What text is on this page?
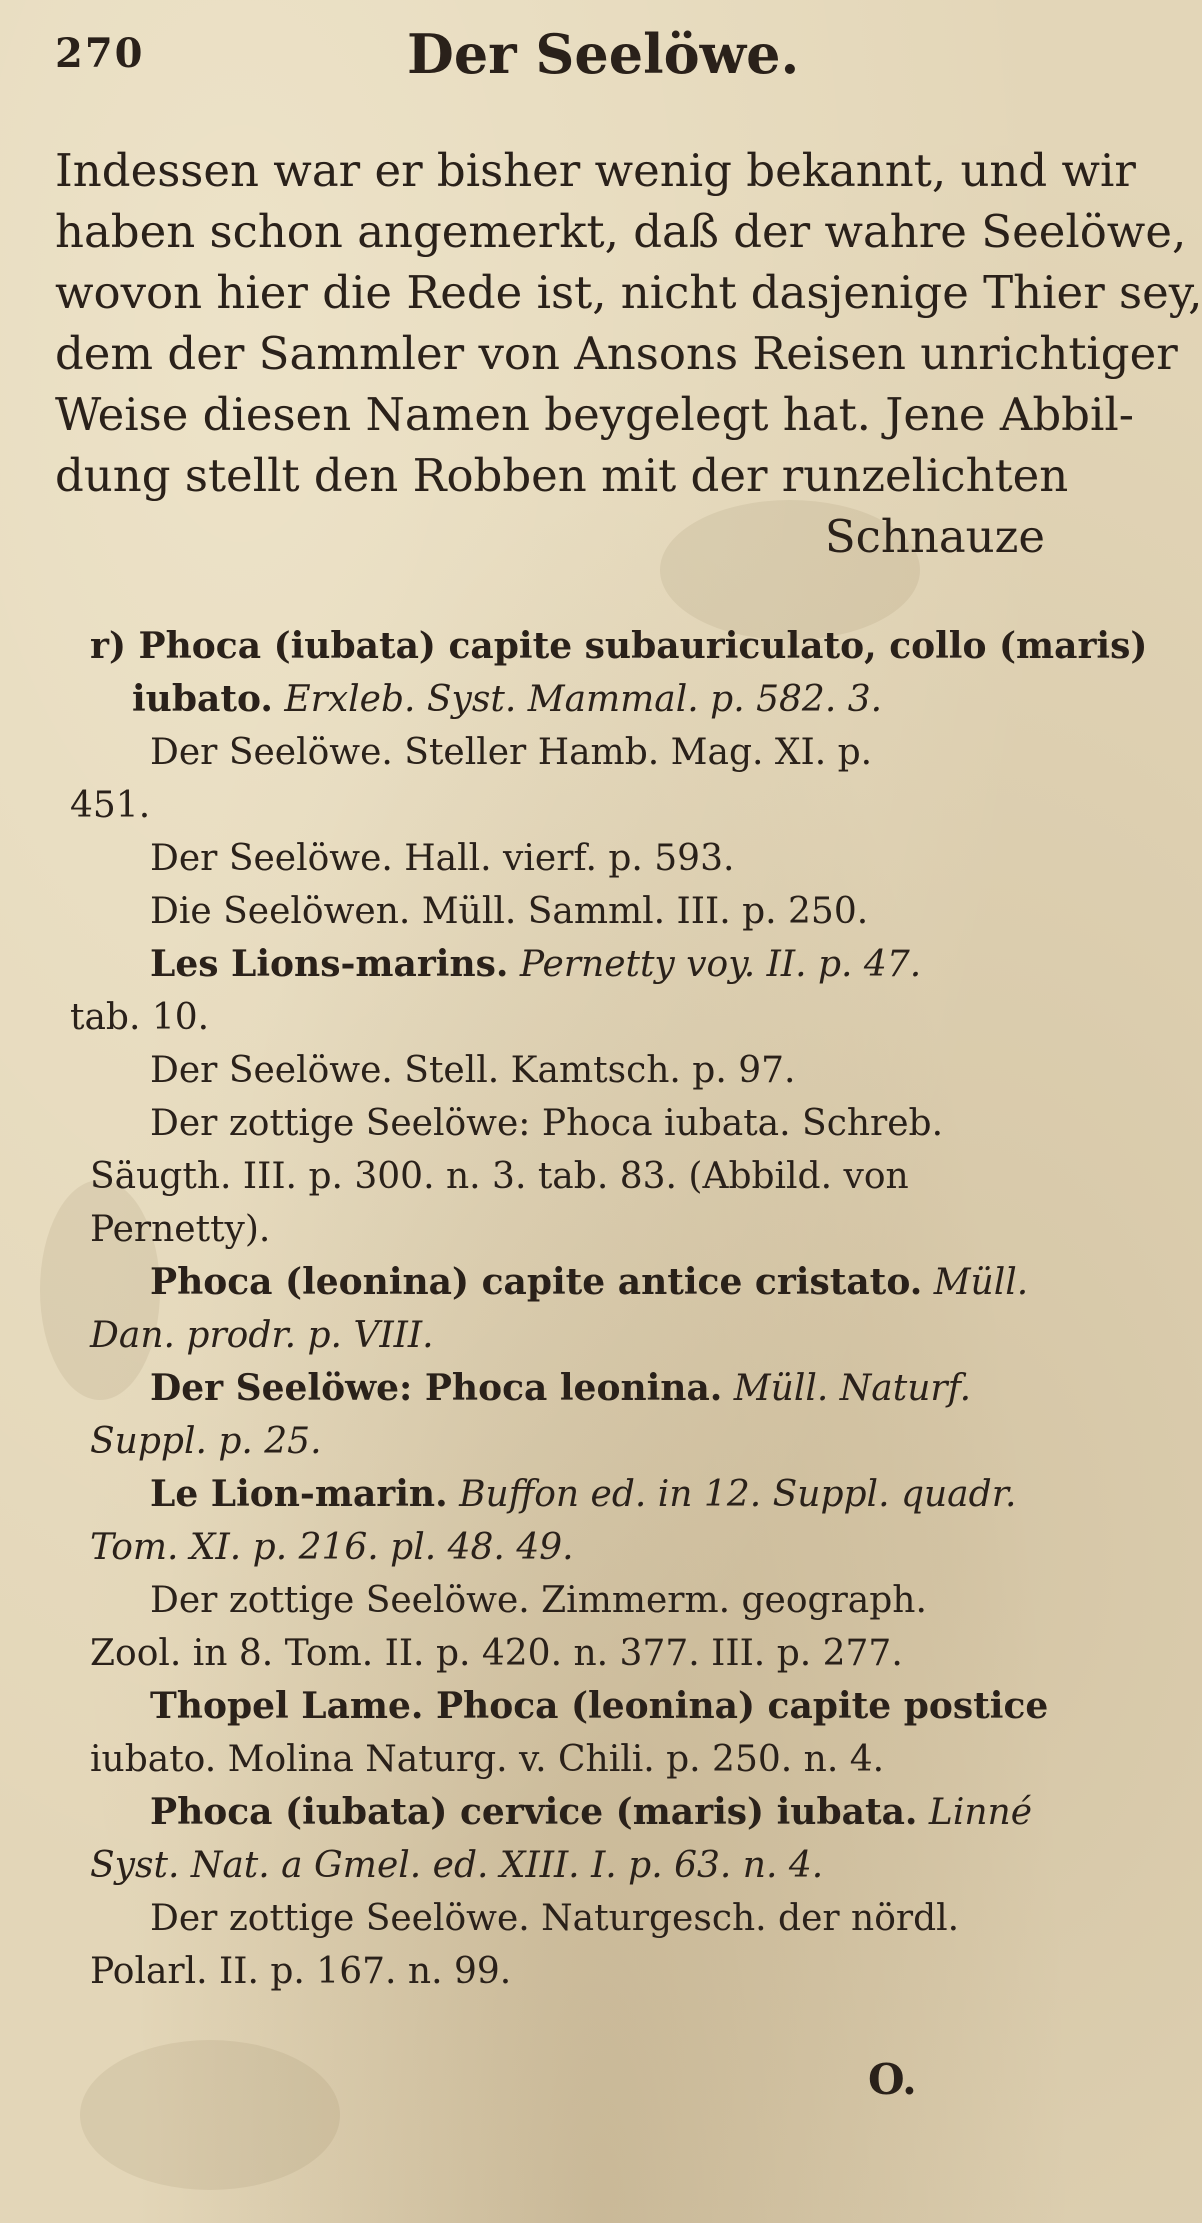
270	Der Seelöwe.
Indessen war er bisher wenig bekannt, und wir
haben schon angemerkt, daß der wahre Seelöwe,
wovon hier die Rede ist, nicht dasjenige Thier sey,
dem der Sammler von Ansons Reisen unrichtiger
Weise diesen Namen beygelegt hat. Jene Abbil-
dung stellt den Robben mit der runzelichten
Schnauze
r) Phoca (iubata) capite subauriculato, collo (maris)
iubato. Erxleb. Syst. Mammal. p. 582. 3.
Der Seelöwe. Steller Hamb. Mag. XI. p.
451.
Der Seelöwe. Hall. vierf. p. 593.
Die Seelöwen. Müll. Samml. III. p. 250.
Les Lions-marins. Pernetty voy. II. p. 47.
tab. 10.
Der Seelöwe. Stell. Kamtsch. p. 97.
Der zottige Seelöwe: Phoca iubata. Schreb.
Säugth. III. p. 300. n. 3. tab. 83. (Abbild. von
Pernetty).
Phoca (leonina) capite antice cristato. Müll.
Dan. prodr. p. VIII.
Der Seelöwe: Phoca leonina. Müll. Naturf.
Suppl. p. 25.
Le Lion-marin. Buffon ed. in 12. Suppl. quadr.
Tom. XI. p. 216. pl. 48. 49.
Der zottige Seelöwe. Zimmerm. geograph.
Zool. in 8. Tom. II. p. 420. n. 377. III. p. 277.
Thopel Lame. Phoca (leonina) capite postice
iubato. Molina Naturg. v. Chili. p. 250. n. 4.
Phoca (iubata) cervice (maris) iubata. Linné
Syst. Nat. a Gmel. ed. XIII. I. p. 63. n. 4.
Der zottige Seelöwe. Naturgesch. der nördl.
Polarl. II. p. 167. n. 99.
O.
